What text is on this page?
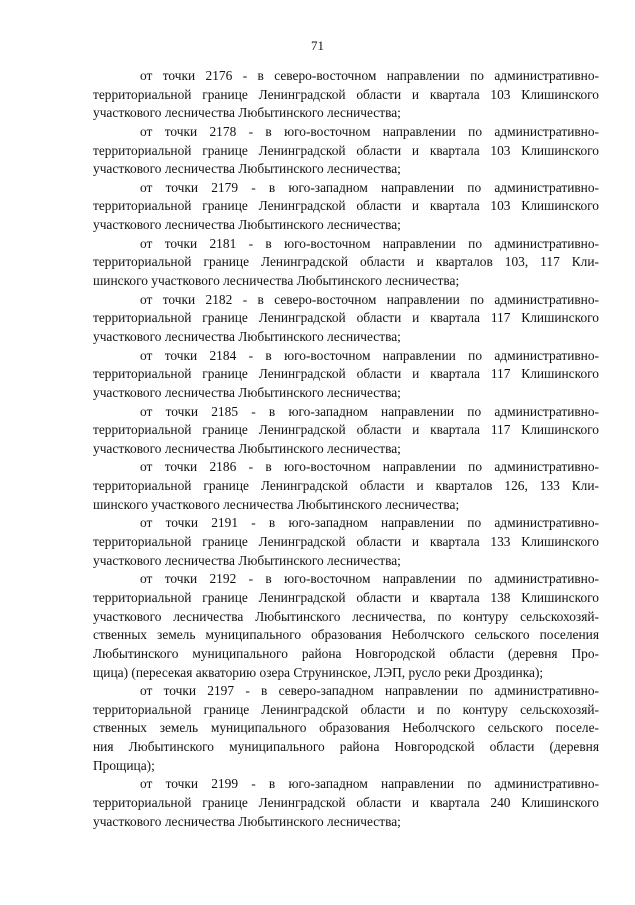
71
от точки 2176 - в северо-восточном направлении по административно-
территориальной границе Ленинградской области и квартала 103 Клишинского
участкового лесничества Любытинского лесничества;
от точки 2178 - в юго-восточном направлении по административно-
территориальной границе Ленинградской области и квартала 103 Клишинского
участкового лесничества Любытинского лесничества;
от точки 2179 - в юго-западном направлении по административно-
территориальной границе Ленинградской области и квартала 103 Клишинского
участкового лесничества Любытинского лесничества;
от точки 2181 - в юго-восточном направлении по административно-
территориальной границе Ленинградской области и кварталов 103, 117 Кли-
шинского участкового лесничества Любытинского лесничества;
от точки 2182 - в северо-восточном направлении по административно-
территориальной границе Ленинградской области и квартала 117 Клишинского
участкового лесничества Любытинского лесничества;
от точки 2184 - в юго-восточном направлении по административно-
территориальной границе Ленинградской области и квартала 117 Клишинского
участкового лесничества Любытинского лесничества;
от точки 2185 - в юго-западном направлении по административно-
территориальной границе Ленинградской области и квартала 117 Клишинского
участкового лесничества Любытинского лесничества;
от точки 2186 - в юго-восточном направлении по административно-
территориальной границе Ленинградской области и кварталов 126, 133 Кли-
шинского участкового лесничества Любытинского лесничества;
от точки 2191 - в юго-западном направлении по административно-
территориальной границе Ленинградской области и квартала 133 Клишинского
участкового лесничества Любытинского лесничества;
от точки 2192 - в юго-восточном направлении по административно-
территориальной границе Ленинградской области и квартала 138 Клишинского
участкового лесничества Любытинского лесничества, по контуру сельскохозяй-
ственных земель муниципального образования Неболчского сельского поселения
Любытинского муниципального района Новгородской области (деревня Про-
щица) (пересекая акваторию озера Струнинское, ЛЭП, русло реки Дроздинка);
от точки 2197 - в северо-западном направлении по административно-
территориальной границе Ленинградской области и по контуру сельскохозяй-
ственных земель муниципального образования Неболчского сельского поселе-
ния Любытинского муниципального района Новгородской области (деревня
Прощица);
от точки 2199 - в юго-западном направлении по административно-
территориальной границе Ленинградской области и квартала 240 Клишинского
участкового лесничества Любытинского лесничества;
